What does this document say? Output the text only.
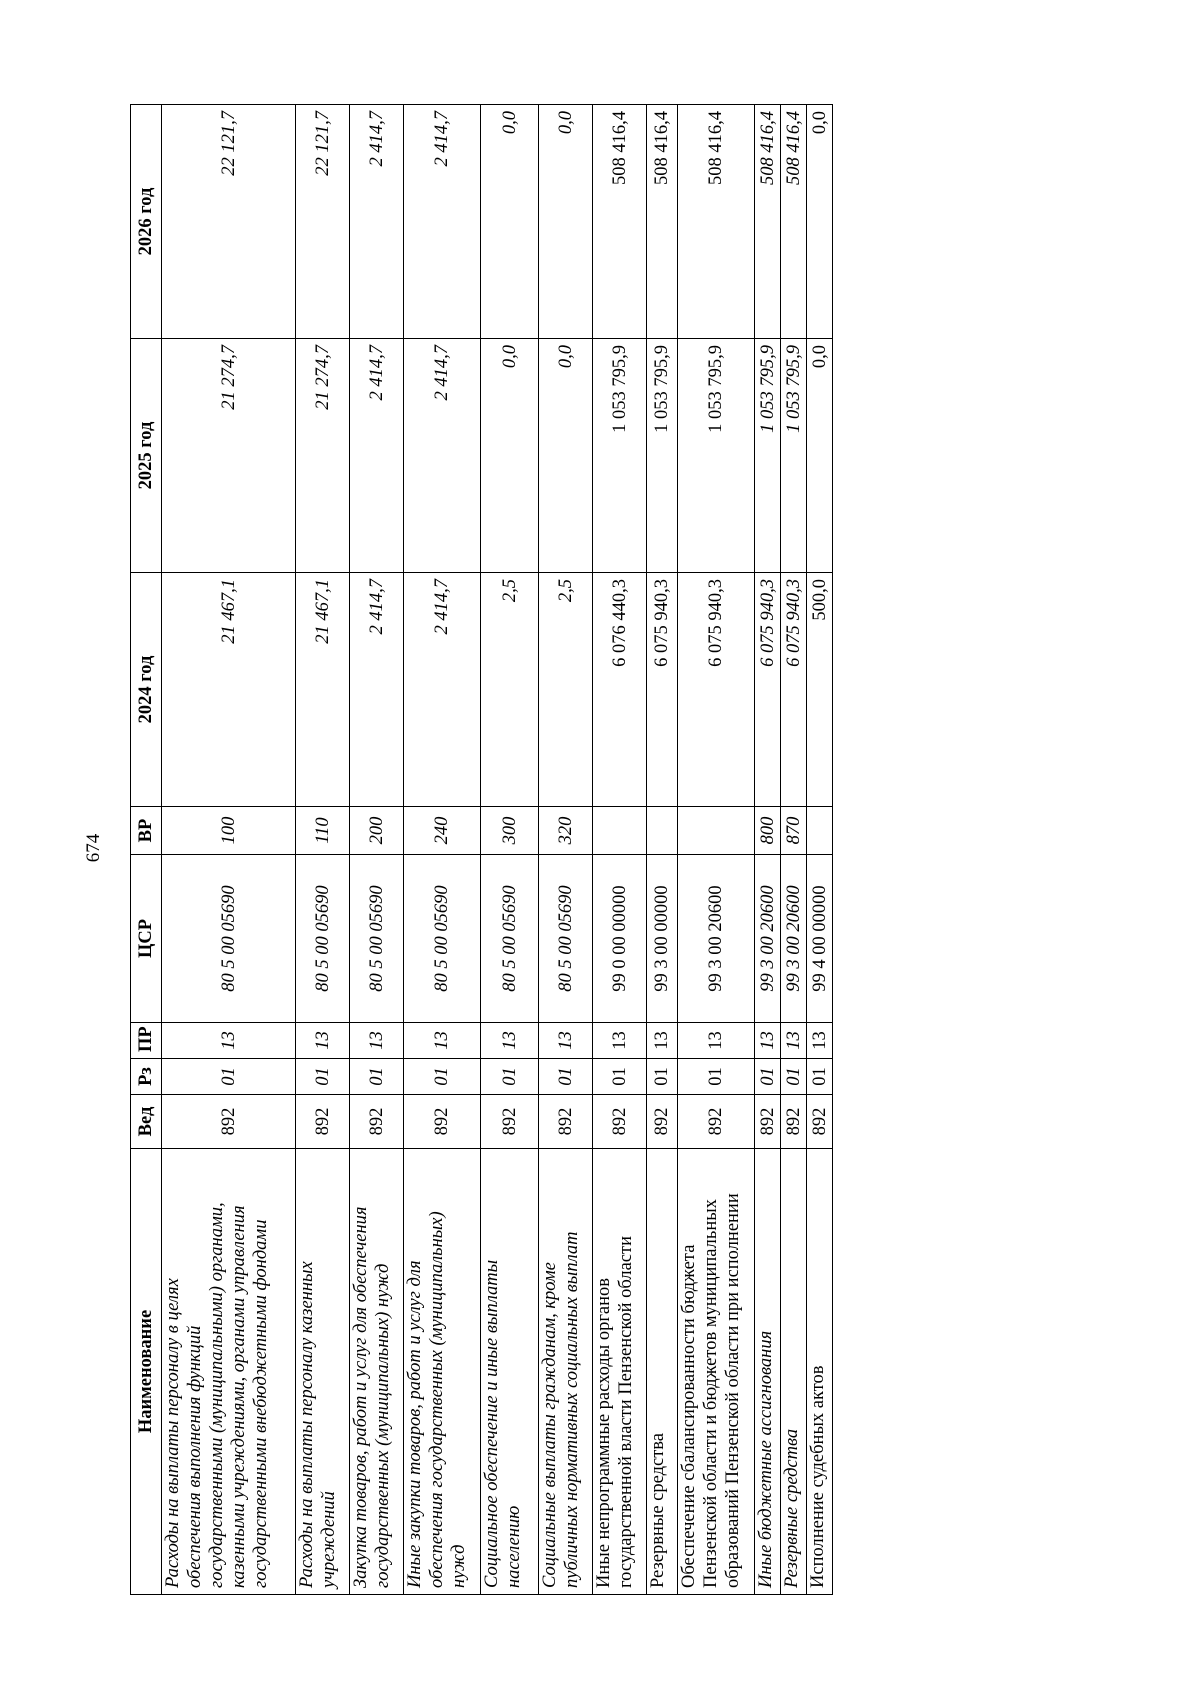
674
Наименование	Вед	Рз	ПР	ЦСР	ВР	2024 год	2025 год	2026 год
Расходы на выплаты персоналу в целях обеспечения выполнения функций государственными (муниципальными) органами, казенными учреждениями, органами управления государственными внебюджетными фондами	892	01	13	80 5 00 05690	100	21 467,1	21 274,7	22 121,7
Расходы на выплаты персоналу казенных учреждений	892	01	13	80 5 00 05690	110	21 467,1	21 274,7	22 121,7
Закупка товаров, работ и услуг для обеспечения государственных (муниципальных) нужд	892	01	13	80 5 00 05690	200	2 414,7	2 414,7	2 414,7
Иные закупки товаров, работ и услуг для обеспечения государственных (муниципальных) нужд	892	01	13	80 5 00 05690	240	2 414,7	2 414,7	2 414,7
Социальное обеспечение и иные выплаты населению	892	01	13	80 5 00 05690	300	2,5	0,0	0,0
Социальные выплаты гражданам, кроме публичных нормативных социальных выплат	892	01	13	80 5 00 05690	320	2,5	0,0	0,0
Иные непрограммные расходы органов государственной власти Пензенской области	892	01	13	99 0 00 00000		6 076 440,3	1 053 795,9	508 416,4
Резервные средства	892	01	13	99 3 00 00000		6 075 940,3	1 053 795,9	508 416,4
Обеспечение сбалансированности бюджета Пензенской области и бюджетов муниципальных образований Пензенской области при исполнении	892	01	13	99 3 00 20600		6 075 940,3	1 053 795,9	508 416,4
Иные бюджетные ассигнования	892	01	13	99 3 00 20600	800	6 075 940,3	1 053 795,9	508 416,4
Резервные средства	892	01	13	99 3 00 20600	870	6 075 940,3	1 053 795,9	508 416,4
Исполнение судебных актов	892	01	13	99 4 00 00000		500,0	0,0	0,0
